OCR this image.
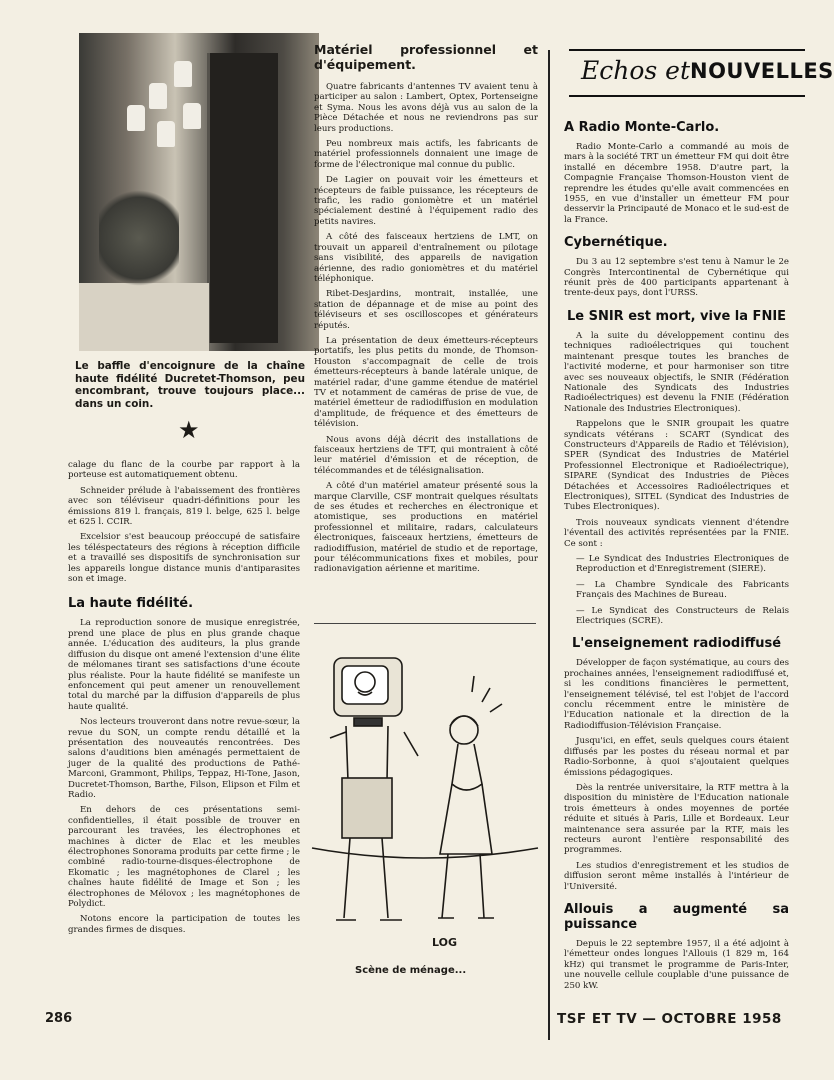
Le baffle d'encoignure de la chaîne haute fidélité Ducretet-Thomson, peu encombrant, trouve toujours place... dans un coin.
★

calage du flanc de la courbe par rapport à la porteuse est automatiquement obtenu.

Schneider prélude à l'abaissement des frontières avec son téléviseur quadri-définitions pour les émissions 819 l. français, 819 l. belge, 625 l. belge et 625 l. CCIR.

Excelsior s'est beaucoup préoccupé de satisfaire les téléspectateurs des régions à réception difficile et a travaillé ses dispositifs de synchronisation sur les appareils longue distance munis d'antiparasites son et image.

La haute fidélité.

La reproduction sonore de musique enregistrée, prend une place de plus en plus grande chaque année. L'éducation des auditeurs, la plus grande diffusion du disque ont amené l'extension d'une élite de mélomanes tirant ses satisfactions d'une écoute plus réaliste. Pour la haute fidélité se manifeste un enfoncement qui peut amener un renouvellement total du marché par la diffusion d'appareils de plus haute qualité.

Nos lecteurs trouveront dans notre revue-sœur, la revue du SON, un compte rendu détaillé et la présentation des nouveautés rencontrées. Des salons d'auditions bien aménagés permettaient de juger de la qualité des productions de Pathé-Marconi, Grammont, Philips, Teppaz, Hi-Tone, Jason, Ducretet-Thomson, Barthe, Filson, Elipson et Film et Radio.

En dehors de ces présentations semi-confidentielles, il était possible de trouver en parcourant les travées, les électrophones et machines à dicter de Elac et les meubles électrophones Sonorama produits par cette firme ; le combiné radio-tourne-disques-électrophone de Ekomatic ; les magnétophones de Clarel ; les chaînes haute fidélité de Image et Son ; les électrophones de Mélovox ; les magnétophones de Polydict.

Notons encore la participation de toutes les grandes firmes de disques.

Matériel professionnel et d'équipement.

Quatre fabricants d'antennes TV avaient tenu à participer au salon : Lambert, Optex, Portenseigne et Syma. Nous les avons déjà vus au salon de la Pièce Détachée et nous ne reviendrons pas sur leurs productions.

Peu nombreux mais actifs, les fabricants de matériel professionnels donnaient une image de forme de l'électronique mal connue du public.

De Lagier on pouvait voir les émetteurs et récepteurs de faible puissance, les récepteurs de trafic, les radio goniomètre et un matériel spécialement destiné à l'équipement radio des petits navires.

A côté des faisceaux hertziens de LMT, on trouvait un appareil d'entraînement ou pilotage sans visibilité, des appareils de navigation aérienne, des radio goniomètres et du matériel téléphonique.

Ribet-Desjardins, montrait, installée, une station de dépannage et de mise au point des téléviseurs et ses oscilloscopes et générateurs réputés.

La présentation de deux émetteurs-récepteurs portatifs, les plus petits du monde, de Thomson-Houston s'accompagnait de celle de trois émetteurs-récepteurs à bande latérale unique, de matériel radar, d'une gamme étendue de matériel TV et notamment de caméras de prise de vue, de matériel émetteur de radiodiffusion en modulation d'amplitude, de fréquence et des émetteurs de télévision.

Nous avons déjà décrit des installations de faisceaux hertziens de TFT, qui montraient à côté leur matériel d'émission et de réception, de télécommandes et de télésignalisation.

A côté d'un matériel amateur présenté sous la marque Clarville, CSF montrait quelques résultats de ses études et recherches en électronique et atomistique, ses productions en matériel professionnel et militaire, radars, calculateurs électroniques, faisceaux hertziens, émetteurs de radiodiffusion, matériel de studio et de reportage, pour télécommunications fixes et mobiles, pour radionavigation aérienne et maritime.

LOG
Scène de ménage...
Echos et NOUVELLES
A Radio Monte-Carlo.

Radio Monte-Carlo a commandé au mois de mars à la société TRT un émetteur FM qui doit être installé en décembre 1958. D'autre part, la Compagnie Française Thomson-Houston vient de reprendre les études qu'elle avait commencées en 1955, en vue d'installer un émetteur FM pour desservir la Principauté de Monaco et le sud-est de la France.

Cybernétique.

Du 3 au 12 septembre s'est tenu à Namur le 2e Congrès Intercontinental de Cybernétique qui réunit près de 400 participants appartenant à trente-deux pays, dont l'URSS.

Le SNIR est mort, vive la FNIE

A la suite du développement continu des techniques radioélectriques qui touchent maintenant presque toutes les branches de l'activité moderne, et pour harmoniser son titre avec ses nouveaux objectifs, le SNIR (Fédération Nationale des Syndicats des Industries Radioélectriques) est devenu la FNIE (Fédération Nationale des Industries Electroniques).

Rappelons que le SNIR groupait les quatre syndicats vétérans : SCART (Syndicat des Constructeurs d'Appareils de Radio et Télévision), SPER (Syndicat des Industries de Matériel Professionnel Electronique et Radioélectrique), SIPARE (Syndicat des Industries de Pièces Détachées et Accessoires Radioélectriques et Electroniques), SITEL (Syndicat des Industries de Tubes Electroniques).

Trois nouveaux syndicats viennent d'étendre l'éventail des activités représentées par la FNIE. Ce sont :

— Le Syndicat des Industries Electroniques de Reproduction et d'Enregistrement (SIERE).

— La Chambre Syndicale des Fabricants Français des Machines de Bureau.

— Le Syndicat des Constructeurs de Relais Electriques (SCRE).

L'enseignement radiodiffusé

Développer de façon systématique, au cours des prochaines années, l'enseignement radiodiffusé et, si les conditions financières le permettent, l'enseignement télévisé, tel est l'objet de l'accord conclu récemment entre le ministère de l'Education nationale et la direction de la Radiodiffusion-Télévision Française.

Jusqu'ici, en effet, seuls quelques cours étaient diffusés par les postes du réseau normal et par Radio-Sorbonne, à quoi s'ajoutaient quelques émissions pédagogiques.

Dès la rentrée universitaire, la RTF mettra à la disposition du ministère de l'Education nationale trois émetteurs à ondes moyennes de portée réduite et situés à Paris, Lille et Bordeaux. Leur maintenance sera assurée par la RTF, mais les recteurs auront l'entière responsabilité des programmes.

Les studios d'enregistrement et les studios de diffusion seront même installés à l'intérieur de l'Université.

Allouis a augmenté sa puissance

Depuis le 22 septembre 1957, il a été adjoint à l'émetteur ondes longues l'Allouis (1 829 m, 164 kHz) qui transmet le programme de Paris-Inter, une nouvelle cellule couplable d'une puissance de 250 kW.

286	TSF ET TV — OCTOBRE 1958
